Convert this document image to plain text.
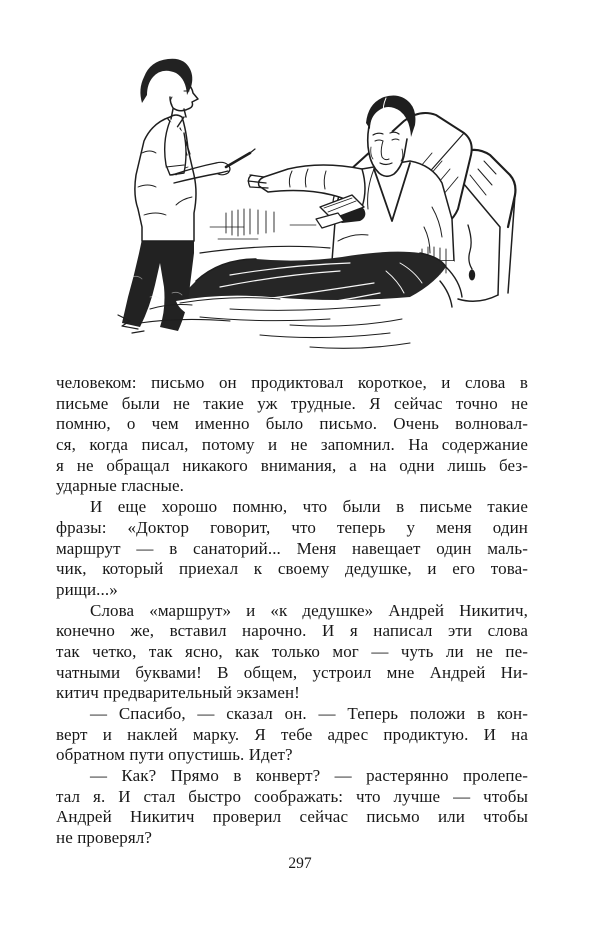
человеком: письмо он продиктовал короткое, и слова в
письме были не такие уж трудные. Я сейчас точно не
помню, о чем именно было письмо. Очень волновал-
ся, когда писал, потому и не запомнил. На содержание
я не обращал никакого внимания, а на одни лишь без-
ударные гласные.
И еще хорошо помню, что были в письме такие
фразы: «Доктор говорит, что теперь у меня один
маршрут — в санаторий... Меня навещает один маль-
чик, который приехал к своему дедушке, и его това-
рищи...»
Слова «маршрут» и «к дедушке» Андрей Никитич,
конечно же, вставил нарочно. И я написал эти слова
так четко, так ясно, как только мог — чуть ли не пе-
чатными буквами! В общем, устроил мне Андрей Ни-
китич предварительный экзамен!
— Спасибо, — сказал он. — Теперь положи в кон-
верт и наклей марку. Я тебе адрес продиктую. И на
обратном пути опустишь. Идет?
— Как? Прямо в конверт? — растерянно пролепе-
тал я. И стал быстро соображать: что лучше — чтобы
Андрей Никитич проверил сейчас письмо или чтобы
не проверял?
297
